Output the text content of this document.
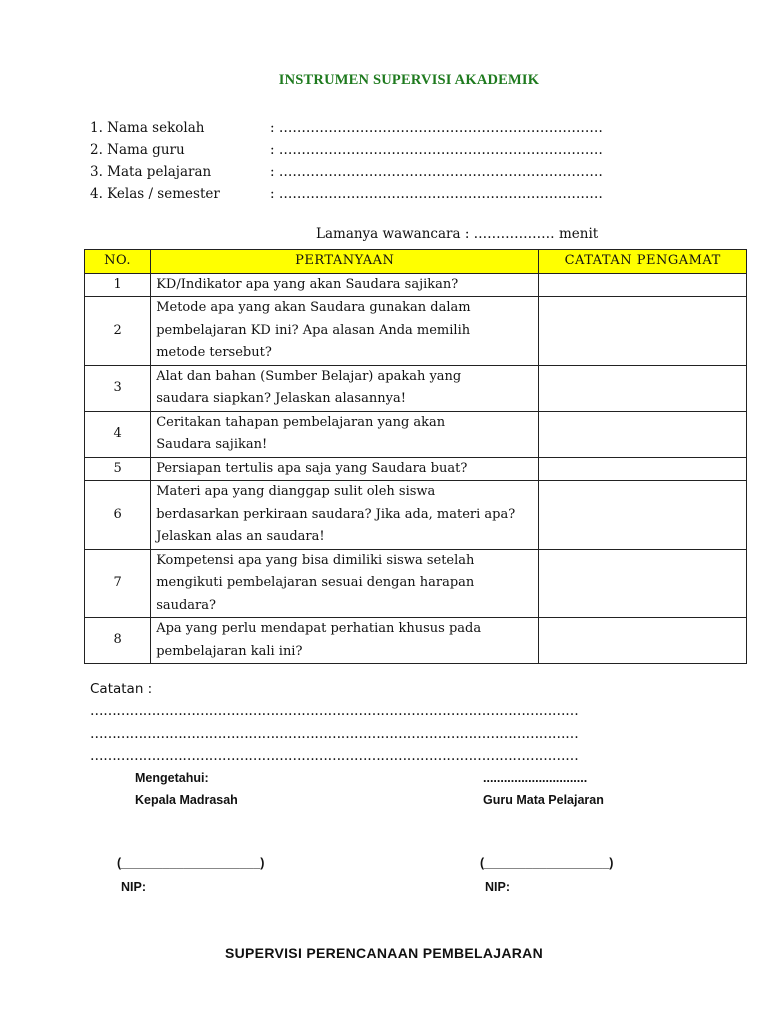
INSTRUMEN SUPERVISI AKADEMIK
1. Nama sekolah	: ………………………………………………………………
2. Nama guru	: ………………………………………………………………
3. Mata pelajaran	: ………………………………………………………………
4. Kelas / semester	: ………………………………………………………………
Lamanya wawancara : ……………… menit
NO.	PERTANYAAN	CATATAN PENGAMAT
1	KD/Indikator apa yang akan Saudara sajikan?	
2	Metode apa yang akan Saudara gunakan dalam
pembelajaran KD ini? Apa alasan Anda memilih
metode tersebut?	
3	Alat dan bahan (Sumber Belajar) apakah yang
saudara siapkan? Jelaskan alasannya!	
4	Ceritakan tahapan pembelajaran yang akan
Saudara sajikan!	
5	Persiapan tertulis apa saja yang Saudara buat?	
6	Materi apa yang dianggap sulit oleh siswa
berdasarkan perkiraan saudara? Jika ada, materi apa?
Jelaskan alas an saudara!	
7	Kompetensi apa yang bisa dimiliki siswa setelah
mengikuti pembelajaran sesuai dengan harapan
saudara?	
8	Apa yang perlu mendapat perhatian khusus pada
pembelajaran kali ini?	
Catatan :
…………………………………………………………………………………………………
…………………………………………………………………………………………………
…………………………………………………………………………………………………
Mengetahui:
Kepala Madrasah
(____________________)
NIP:
..............................
Guru Mata Pelajaran
(__________________)
NIP:
SUPERVISI PERENCANAAN PEMBELAJARAN
